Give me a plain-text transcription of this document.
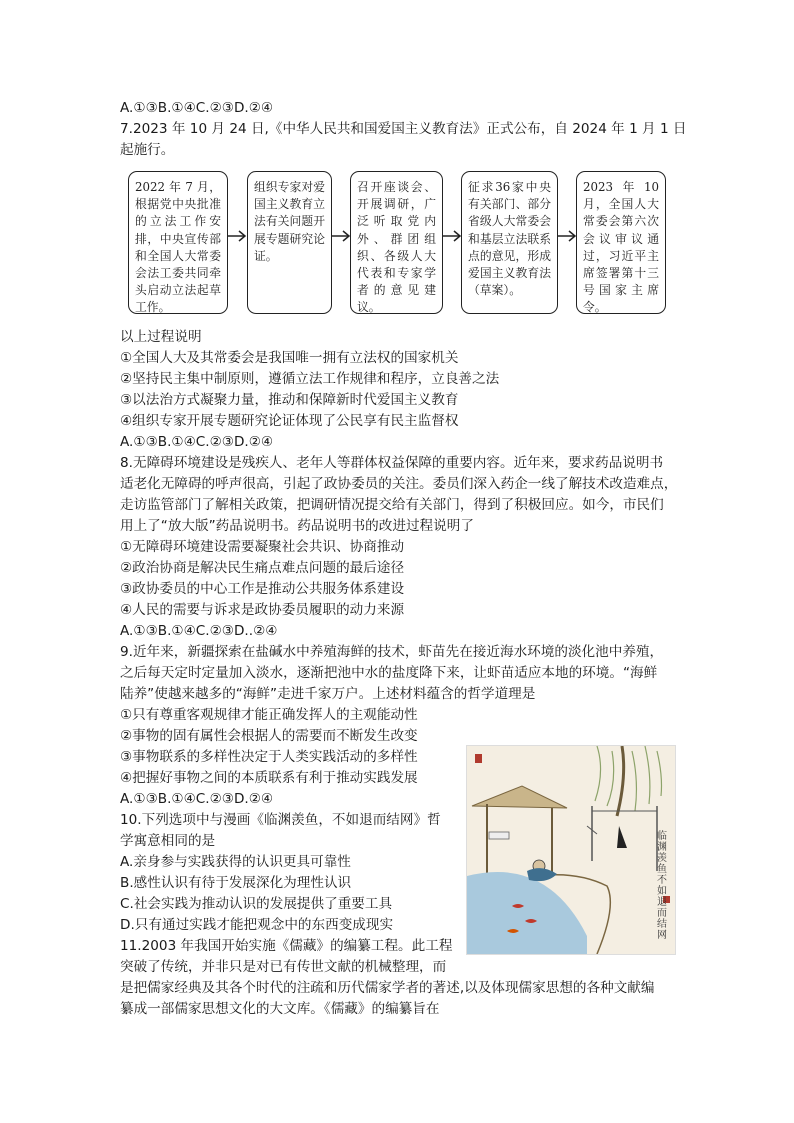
A.①③B.①④C.②③D.②④
7.2023 年 10 月 24 日,《中华人民共和国爱国主义教育法》正式公布，自 2024 年 1 月 1 日
起施行。
2022 年 7 月，根据党中央批准的立法工作安排，中央宣传部和全国人大常委会法工委共同牵头启动立法起草工作。
组织专家对爱国主义教育立法有关问题开展专题研究论证。
召开座谈会、开展调研，广泛听取党内外、群团组织、各级人大代表和专家学者的意见建议。
征求36家中央有关部门、部分省级人大常委会和基层立法联系点的意见，形成爱国主义教育法（草案）。
2023年10月，全国人大常委会第六次会议审议通过，习近平主席签署第十三号国家主席令。
以上过程说明
①全国人大及其常委会是我国唯一拥有立法权的国家机关
②坚持民主集中制原则，遵循立法工作规律和程序，立良善之法
③以法治方式凝聚力量，推动和保障新时代爱国主义教育
④组织专家开展专题研究论证体现了公民享有民主监督权
A.①③B.①④C.②③D.②④
8.无障碍环境建设是残疾人、老年人等群体权益保障的重要内容。近年来，要求药品说明书
适老化无障碍的呼声很高，引起了政协委员的关注。委员们深入药企一线了解技术改造难点，
走访监管部门了解相关政策，把调研情况提交给有关部门，得到了积极回应。如今，市民们
用上了“放大版”药品说明书。药品说明书的改进过程说明了
①无障碍环境建设需要凝聚社会共识、协商推动
②政治协商是解决民生痛点难点问题的最后途径
③政协委员的中心工作是推动公共服务体系建设
④人民的需要与诉求是政协委员履职的动力来源
A.①③B.①④C.②③D..②④
9.近年来，新疆探索在盐碱水中养殖海鲜的技术，虾苗先在接近海水环境的淡化池中养殖，
之后每天定时定量加入淡水，逐渐把池中水的盐度降下来，让虾苗适应本地的环境。“海鲜
陆养”使越来越多的“海鲜”走进千家万户。上述材料蕴含的哲学道理是
①只有尊重客观规律才能正确发挥人的主观能动性
②事物的固有属性会根据人的需要而不断发生改变
③事物联系的多样性决定于人类实践活动的多样性
④把握好事物之间的本质联系有利于推动实践发展
A.①③B.①④C.②③D.②④
10.下列选项中与漫画《临渊羡鱼，不如退而结网》哲
学寓意相同的是
A.亲身参与实践获得的认识更具可靠性
B.感性认识有待于发展深化为理性认识
C.社会实践为推动认识的发展提供了重要工具
D.只有通过实践才能把观念中的东西变成现实
11.2003 年我国开始实施《儒藏》的编纂工程。此工程
突破了传统，并非只是对已有传世文献的机械整理，而
是把儒家经典及其各个时代的注疏和历代儒家学者的著述,以及体现儒家思想的各种文献编
纂成一部儒家思想文化的大文库。《儒藏》的编纂旨在
临渊羡鱼不如退而结网
